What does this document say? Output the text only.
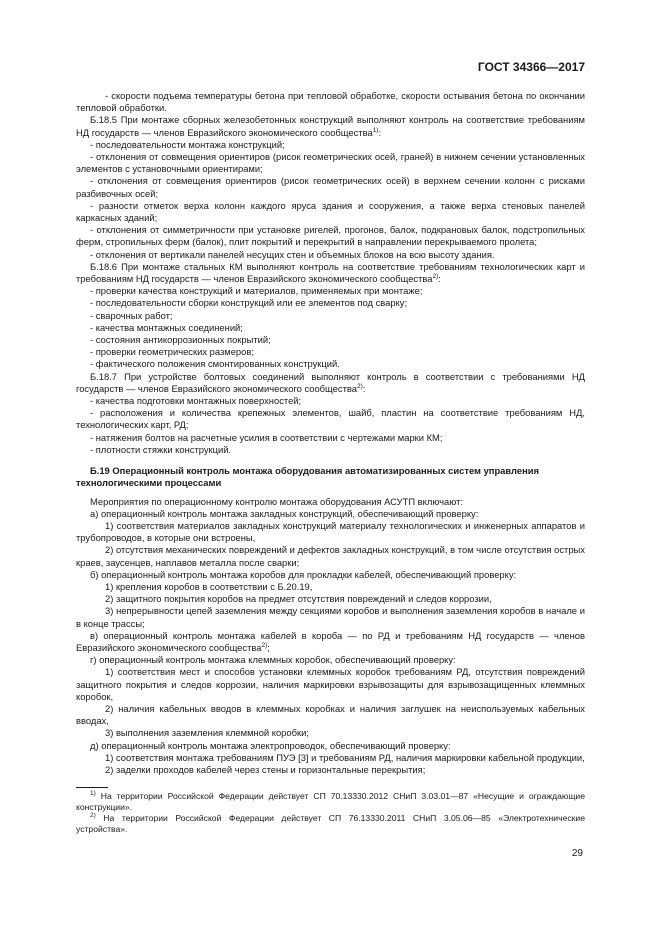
ГОСТ 34366—2017

- скорости подъема температуры бетона при тепловой обработке, скорости остывания бетона по окончании тепловой обработки.

Б.18.5 При монтаже сборных железобетонных конструкций выполняют контроль на соответствие требованиям НД государств — членов Евразийского экономического сообщества$^{1)}$:

- последовательности монтажа конструкций;

- отклонения от совмещения ориентиров (рисок геометрических осей, граней) в нижнем сечении установленных элементов с установочными ориентирами;

- отклонения от совмещения ориентиров (рисок геометрических осей) в верхнем сечении колонн с рисками разбивочных осей;

- разности отметок верха колонн каждого яруса здания и сооружения, а также верха стеновых панелей каркасных зданий;

- отклонения от симметричности при установке ригелей, прогонов, балок, подкрановых балок, подстропильных ферм, стропильных ферм (балок), плит покрытий и перекрытий в направлении перекрываемого пролета;

- отклонения от вертикали панелей несущих стен и объемных блоков на всю высоту здания.

Б.18.6 При монтаже стальных КМ выполняют контроль на соответствие требованиям технологических карт и требованиям НД государств — членов Евразийского экономического сообщества$^{2)}$:

- проверки качества конструкций и материалов, применяемых при монтаже;

- последовательности сборки конструкций или ее элементов под сварку;

- сварочных работ;

- качества монтажных соединений;

- состояния антикоррозионных покрытий;

- проверки геометрических размеров;

- фактического положения смонтированных конструкций.

Б.18.7 При устройстве болтовых соединений выполняют контроль в соответствии с требованиями НД государств — членов Евразийского экономического сообщества$^{2)}$:

- качества подготовки монтажных поверхностей;

- расположения и количества крепежных элементов, шайб, пластин на соответствие требованиям НД, технологических карт, РД;

- натяжения болтов на расчетные усилия в соответствии с чертежами марки КМ;

- плотности стяжки конструкций.

Б.19 Операционный контроль монтажа оборудования автоматизированных систем управления технологическими процессами

Мероприятия по операционному контролю монтажа оборудования АСУТП включают:

а) операционный контроль монтажа закладных конструкций, обеспечивающий проверку:

1) соответствия материалов закладных конструкций материалу технологических и инженерных аппаратов и трубопроводов, в которые они встроены,

2) отсутствия механических повреждений и дефектов закладных конструкций, в том числе отсутствия острых краев, заусенцев, наплавов металла после сварки;

б) операционный контроль монтажа коробов для прокладки кабелей, обеспечивающий проверку:

1) крепления коробов в соответствии с Б.20.19,

2) защитного покрытия коробов на предмет отсутствия повреждений и следов коррозии,

3) непрерывности цепей заземления между секциями коробов и выполнения заземления коробов в начале и в конце трассы;

в) операционный контроль монтажа кабелей в короба — по РД и требованиям НД государств — членов Евразийского экономического сообщества$^{2)}$;

г) операционный контроль монтажа клеммных коробок, обеспечивающий проверку:

1) соответствия мест и способов установки клеммных коробок требованиям РД, отсутствия повреждений защитного покрытия и следов коррозии, наличия маркировки взрывозащиты для взрывозащищенных клеммных коробок,

2) наличия кабельных вводов в клеммных коробках и наличия заглушек на неиспользуемых кабельных вводах,

3) выполнения заземления клеммной коробки;

д) операционный контроль монтажа электропроводок, обеспечивающий проверку:

1) соответствия монтажа требованиям ПУЭ [3] и требованиям РД, наличия маркировки кабельной продукции,

2) заделки проходов кабелей через стены и горизонтальные перекрытия;

$^{1)}$ На территории Российской Федерации действует СП 70.13330.2012 СНиП 3.03.01—87 «Несущие и ограждающие конструкции».

$^{2)}$ На территории Российской Федерации действует СП 76.13330.2011 СНиП 3.05.06—85 «Электротехнические устройства».

29
